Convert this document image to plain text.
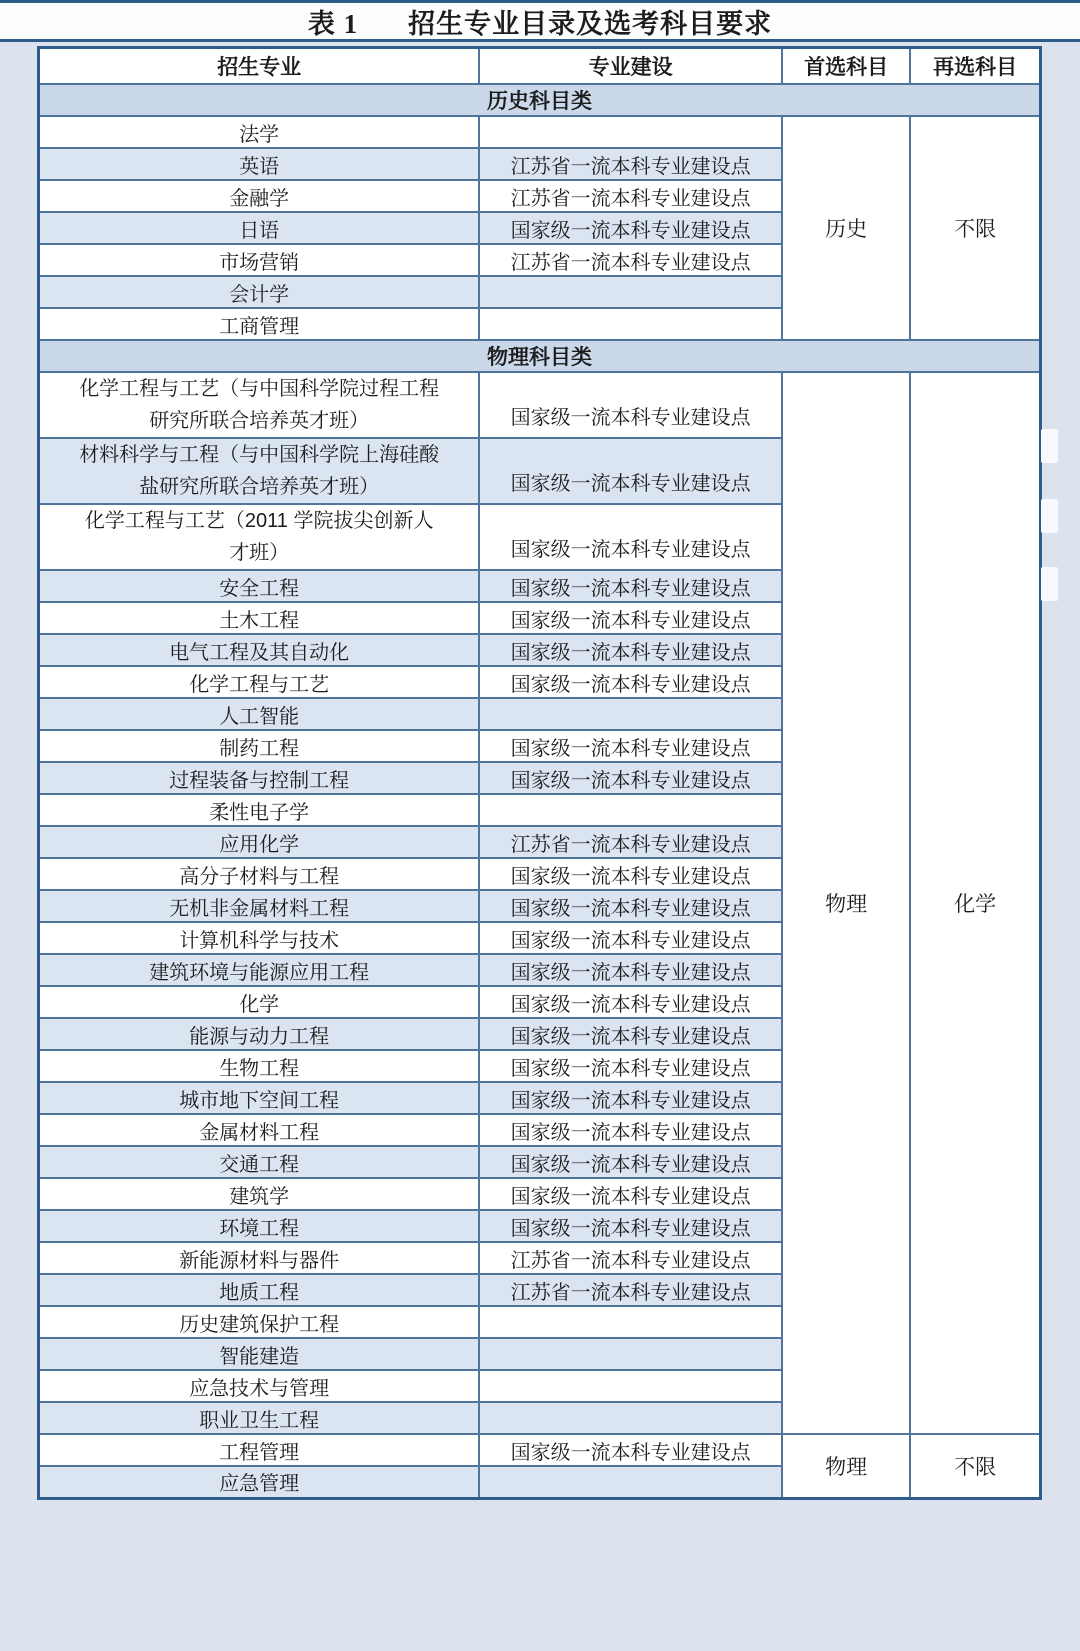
表 1 招生专业目录及选考科目要求
招生专业	专业建设	首选科目	再选科目
历史科目类			
法学		历史	不限
英语	江苏省一流本科专业建设点		
金融学	江苏省一流本科专业建设点		
日语	国家级一流本科专业建设点		
市场营销	江苏省一流本科专业建设点		
会计学			
工商管理			
物理科目类			
化学工程与工艺（与中国科学院过程工程研究所联合培养英才班）	国家级一流本科专业建设点	物理	化学
材料科学与工程（与中国科学院上海硅酸盐研究所联合培养英才班）	国家级一流本科专业建设点		
化学工程与工艺（2011 学院拔尖创新人才班）	国家级一流本科专业建设点		
安全工程	国家级一流本科专业建设点		
土木工程	国家级一流本科专业建设点		
电气工程及其自动化	国家级一流本科专业建设点		
化学工程与工艺	国家级一流本科专业建设点		
人工智能			
制药工程	国家级一流本科专业建设点		
过程装备与控制工程	国家级一流本科专业建设点		
柔性电子学			
应用化学	江苏省一流本科专业建设点		
高分子材料与工程	国家级一流本科专业建设点		
无机非金属材料工程	国家级一流本科专业建设点		
计算机科学与技术	国家级一流本科专业建设点		
建筑环境与能源应用工程	国家级一流本科专业建设点		
化学	国家级一流本科专业建设点		
能源与动力工程	国家级一流本科专业建设点		
生物工程	国家级一流本科专业建设点		
城市地下空间工程	国家级一流本科专业建设点		
金属材料工程	国家级一流本科专业建设点		
交通工程	国家级一流本科专业建设点		
建筑学	国家级一流本科专业建设点		
环境工程	国家级一流本科专业建设点		
新能源材料与器件	江苏省一流本科专业建设点		
地质工程	江苏省一流本科专业建设点		
历史建筑保护工程			
智能建造			
应急技术与管理			
职业卫生工程			
工程管理	国家级一流本科专业建设点	物理	不限
应急管理			
